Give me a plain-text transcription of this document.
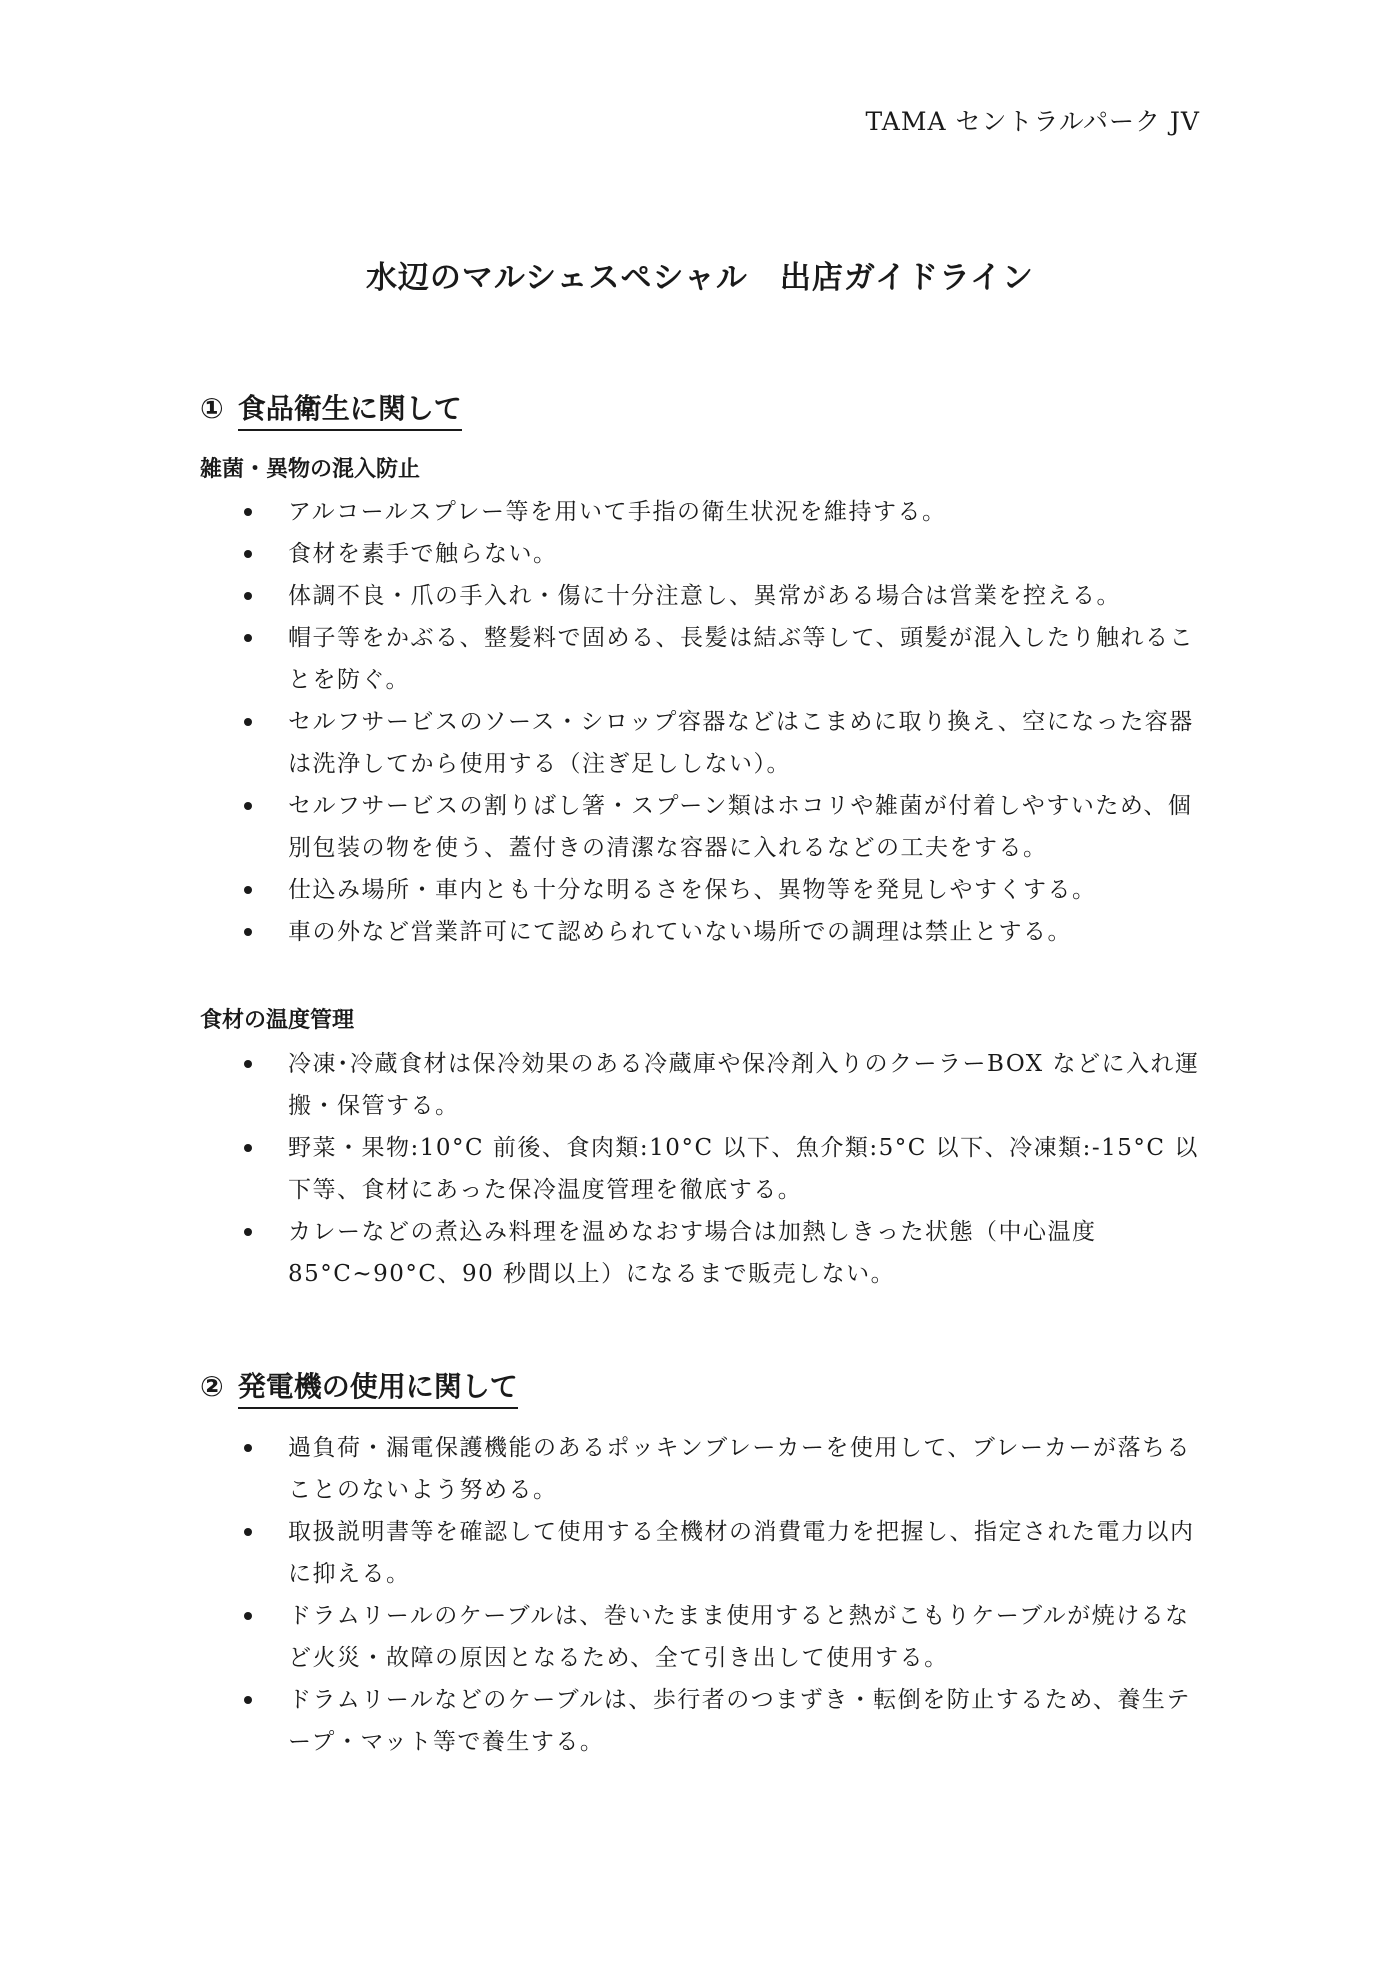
TAMA セントラルパーク JV
水辺のマルシェスペシャル　出店ガイドライン
① 食品衛生に関して
雑菌・異物の混入防止
アルコールスプレー等を用いて手指の衛生状況を維持する。
食材を素手で触らない。
体調不良・爪の手入れ・傷に十分注意し、異常がある場合は営業を控える。
帽子等をかぶる、整髪料で固める、長髪は結ぶ等して、頭髪が混入したり触れることを防ぐ。
セルフサービスのソース・シロップ容器などはこまめに取り換え、空になった容器は洗浄してから使用する（注ぎ足ししない）。
セルフサービスの割りばし箸・スプーン類はホコリや雑菌が付着しやすいため、個別包装の物を使う、蓋付きの清潔な容器に入れるなどの工夫をする。
仕込み場所・車内とも十分な明るさを保ち、異物等を発見しやすくする。
車の外など営業許可にて認められていない場所での調理は禁止とする。
食材の温度管理
冷凍･冷蔵食材は保冷効果のある冷蔵庫や保冷剤入りのクーラーBOX などに入れ運搬・保管する。
野菜・果物:10°C 前後、食肉類:10°C 以下、魚介類:5°C 以下、冷凍類:-15°C 以下等、食材にあった保冷温度管理を徹底する。
カレーなどの煮込み料理を温めなおす場合は加熱しきった状態（中心温度85°C~90°C、90 秒間以上）になるまで販売しない。
② 発電機の使用に関して
過負荷・漏電保護機能のあるポッキンブレーカーを使用して、ブレーカーが落ちることのないよう努める。
取扱説明書等を確認して使用する全機材の消費電力を把握し、指定された電力以内に抑える。
ドラムリールのケーブルは、巻いたまま使用すると熱がこもりケーブルが焼けるなど火災・故障の原因となるため、全て引き出して使用する。
ドラムリールなどのケーブルは、歩行者のつまずき・転倒を防止するため、養生テープ・マット等で養生する。
